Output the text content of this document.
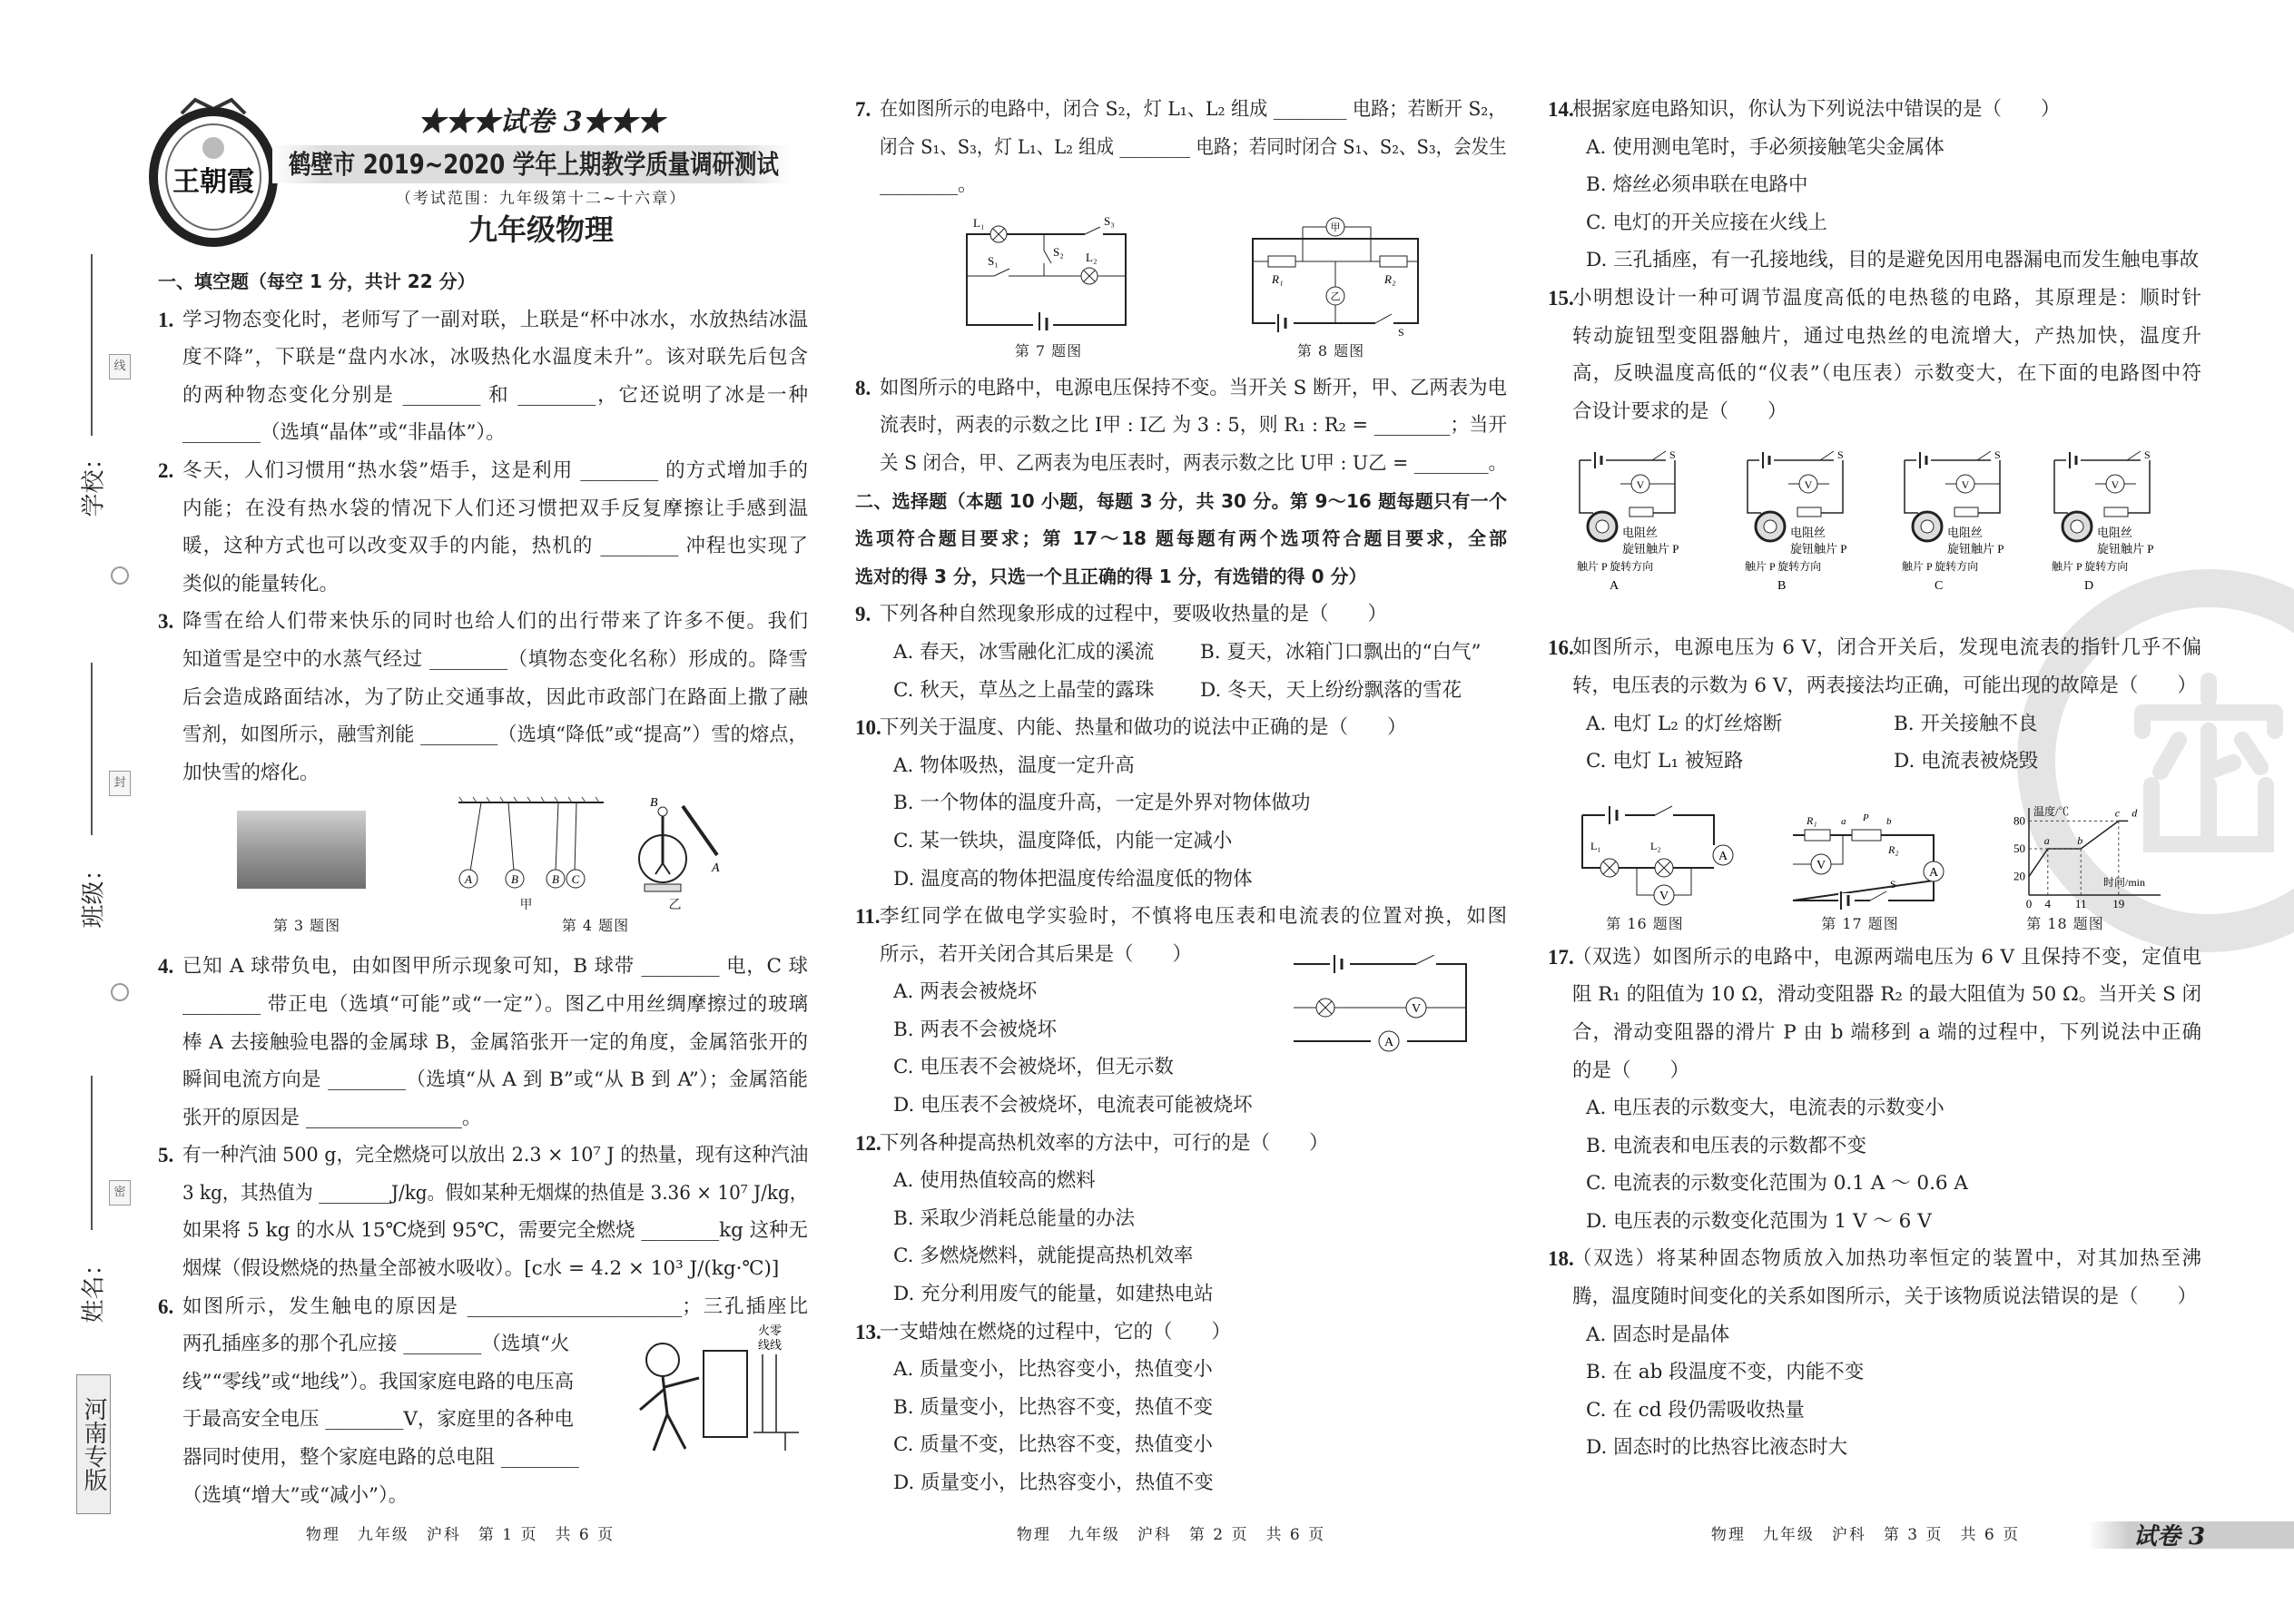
王朝霞
★★★试卷 3★★★
鹤壁市 2019~2020 学年上期教学质量调研测试
（考试范围：九年级第十二~十六章）
九年级物理
学校：
班级：
姓名：
线
封
密
河南专版
一、填空题（每空 1 分，共计 22 分）
1. 学习物态变化时，老师写了一副对联，上联是“杯中冰水，水放热结冰温
度不降”，下联是“盘内水冰，冰吸热化水温度未升”。该对联先后包含
的两种物态变化分别是 ________ 和 ________，它还说明了冰是一种
________（选填“晶体”或“非晶体”）。
2. 冬天，人们习惯用“热水袋”焐手，这是利用 ________ 的方式增加手的
内能；在没有热水袋的情况下人们还习惯把双手反复摩擦让手感到温
暖，这种方式也可以改变双手的内能，热机的 ________ 冲程也实现了
类似的能量转化。
3. 降雪在给人们带来快乐的同时也给人们的出行带来了许多不便。我们
知道雪是空中的水蒸气经过 ________（填物态变化名称）形成的。降雪
后会造成路面结冰，为了防止交通事故，因此市政部门在路面上撒了融
雪剂，如图所示，融雪剂能 ________（选填“降低”或“提高”）雪的熔点，
加快雪的熔化。
4. 已知 A 球带负电，由如图甲所示现象可知，B 球带 ________ 电，C 球
________ 带正电（选填“可能”或“一定”）。图乙中用丝绸摩擦过的玻璃
棒 A 去接触验电器的金属球 B，金属箔张开一定的角度，金属箔张开的
瞬间电流方向是 ________（选填“从 A 到 B”或“从 B 到 A”）；金属箔能
张开的原因是 ________________。
5. 有一种汽油 500 g，完全燃烧可以放出 2.3 × 10⁷ J 的热量，现有这种汽油
3 kg，其热值为 ________J/kg。假如某种无烟煤的热值是 3.36 × 10⁷ J/kg，
如果将 5 kg 的水从 15℃烧到 95℃，需要完全燃烧 ________kg 这种无
烟煤（假设燃烧的热量全部被水吸收）。[c水 = 4.2 × 10³ J/(kg·℃)]
6. 如图所示，发生触电的原因是 ______________________；三孔插座比
两孔插座多的那个孔应接 ________（选填“火
线”“零线”或“地线”）。我国家庭电路的电压高
于最高安全电压 ________V，家庭里的各种电
器同时使用，整个家庭电路的总电阻 ________
（选填“增大”或“减小”）。
7. 在如图所示的电路中，闭合 S₂，灯 L₁、L₂ 组成 ________ 电路；若断开 S₂，
闭合 S₁、S₃，灯 L₁、L₂ 组成 ________ 电路；若同时闭合 S₁、S₂、S₃，会发生
________。
8. 如图所示的电路中，电源电压保持不变。当开关 S 断开，甲、乙两表为电
流表时，两表的示数之比 I甲 : I乙 为 3 : 5，则 R₁ : R₂ = ________；当开
关 S 闭合，甲、乙两表为电压表时，两表示数之比 U甲 : U乙 = ________。
二、选择题（本题 10 小题，每题 3 分，共 30 分。第 9～16 题每题只有一个
选项符合题目要求；第 17～18 题每题有两个选项符合题目要求，全部
选对的得 3 分，只选一个且正确的得 1 分，有选错的得 0 分）
9. 下列各种自然现象形成的过程中，要吸收热量的是（　　）
A. 春天，冰雪融化汇成的溪流	B. 夏天，冰箱门口飘出的“白气”
C. 秋天，草丛之上晶莹的露珠	D. 冬天，天上纷纷飘落的雪花
10.
下列关于温度、内能、热量和做功的说法中正确的是（　　）
A. 物体吸热，温度一定升高
B. 一个物体的温度升高，一定是外界对物体做功
C. 某一铁块，温度降低，内能一定减小
D. 温度高的物体把温度传给温度低的物体
11. 李红同学在做电学实验时，不慎将电压表和电流表的位置对换，如图
所示，若开关闭合其后果是（　　）
A. 两表会被烧坏
B. 两表不会被烧坏
C. 电压表不会被烧坏，但无示数
D. 电压表不会被烧坏，电流表可能被烧坏
12.
下列各种提高热机效率的方法中，可行的是（　　）
A. 使用热值较高的燃料
B. 采取少消耗总能量的办法
C. 多燃烧燃料，就能提高热机效率
D. 充分利用废气的能量，如建热电站
13.
一支蜡烛在燃烧的过程中，它的（　　）
A. 质量变小，比热容变小，热值变小
B. 质量变小，比热容不变，热值不变
C. 质量不变，比热容不变，热值变小
D. 质量变小，比热容变小，热值不变
14.
根据家庭电路知识，你认为下列说法中错误的是（　　）
A. 使用测电笔时，手必须接触笔尖金属体
B. 熔丝必须串联在电路中
C. 电灯的开关应接在火线上
D. 三孔插座，有一孔接地线，目的是避免因用电器漏电而发生触电事故
15.
小明想设计一种可调节温度高低的电热毯的电路，其原理是：顺时针
转动旋钮型变阻器触片，通过电热丝的电流增大，产热加快，温度升
高，反映温度高低的“仪表”（电压表）示数变大，在下面的电路图中符
合设计要求的是（　　）
16.
如图所示，电源电压为 6 V，闭合开关后，发现电流表的指针几乎不偏
转，电压表的示数为 6 V，两表接法均正确，可能出现的故障是（　　）
A. 电灯 L₂ 的灯丝熔断	B. 开关接触不良
C. 电灯 L₁ 被短路	D. 电流表被烧毁
17.
（双选）如图所示的电路中，电源两端电压为 6 V 且保持不变，定值电
阻 R₁ 的阻值为 10 Ω，滑动变阻器 R₂ 的最大阻值为 50 Ω。当开关 S 闭
合，滑动变阻器的滑片 P 由 b 端移到 a 端的过程中，下列说法中正确
的是（　　）
A. 电压表的示数变大，电流表的示数变小
B. 电流表和电压表的示数都不变
C. 电流表的示数变化范围为 0.1 A ～ 0.6 A
D. 电压表的示数变化范围为 1 V ～ 6 V
18.
（双选）将某种固态物质放入加热功率恒定的装置中，对其加热至沸
腾，温度随时间变化的关系如图所示，关于该物质说法错误的是（　　）
A. 固态时是晶体
B. 在 ab 段温度不变，内能不变
C. 在 cd 段仍需吸收热量
D. 固态时的比热容比液态时大
第 3 题图
A	B	B C
B
A
甲	乙
第 4 题图
火零
线线
L₁	S₃
S₁
S₂ L₂
第 7 题图
甲
R₁	R₂
乙
S
第 8 题图
V
A
S
V
电阻丝
旋钮触片 P
触片 P 旋转方向
A
S
V
电阻丝
旋钮触片 P
触片 P 旋转方向
B
S
V
电阻丝
旋钮触片 P
触片 P 旋转方向
C
S
V
电阻丝
旋钮触片 P
触片 P 旋转方向
D
A
L₁	L₂
V
第 16 题图
R₁
R₂
a	b
P
V
A
S
第 17 题图
温度/℃
时间/min
20
50
80
0 4 11 19
a	b
c d
第 18 题图
物理　九年级　沪科　第 1 页　共 6 页	物理　九年级　沪科　第 2 页　共 6 页	物理　九年级　沪科　第 3 页　共 6 页	试卷 3
